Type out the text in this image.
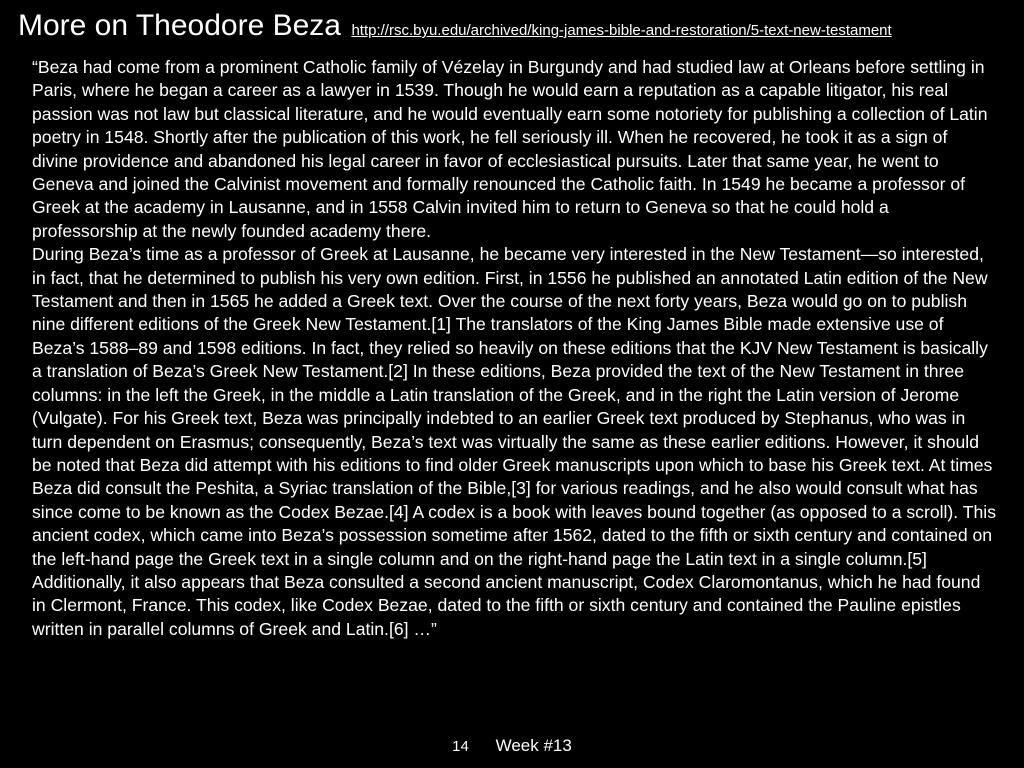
More on Theodore Beza http://rsc.byu.edu/archived/king-james-bible-and-restoration/5-text-new-testament

“Beza had come from a prominent Catholic family of Vézelay in Burgundy and had studied law at Orleans before settling in Paris, where he began a career as a lawyer in 1539. Though he would earn a reputation as a capable litigator, his real passion was not law but classical literature, and he would eventually earn some notoriety for publishing a collection of Latin poetry in 1548. Shortly after the publication of this work, he fell seriously ill. When he recovered, he took it as a sign of divine providence and abandoned his legal career in favor of ecclesiastical pursuits. Later that same year, he went to Geneva and joined the Calvinist movement and formally renounced the Catholic faith. In 1549 he became a professor of Greek at the academy in Lausanne, and in 1558 Calvin invited him to return to Geneva so that he could hold a professorship at the newly founded academy there.

During Beza’s time as a professor of Greek at Lausanne, he became very interested in the New Testament—so interested, in fact, that he determined to publish his very own edition. First, in 1556 he published an annotated Latin edition of the New Testament and then in 1565 he added a Greek text. Over the course of the next forty years, Beza would go on to publish nine different editions of the Greek New Testament.[1] The translators of the King James Bible made extensive use of Beza’s 1588–89 and 1598 editions. In fact, they relied so heavily on these editions that the KJV New Testament is basically a translation of Beza’s Greek New Testament.[2] In these editions, Beza provided the text of the New Testament in three columns: in the left the Greek, in the middle a Latin translation of the Greek, and in the right the Latin version of Jerome (Vulgate). For his Greek text, Beza was principally indebted to an earlier Greek text produced by Stephanus, who was in turn dependent on Erasmus; consequently, Beza’s text was virtually the same as these earlier editions. However, it should be noted that Beza did attempt with his editions to find older Greek manuscripts upon which to base his Greek text. At times Beza did consult the Peshita, a Syriac translation of the Bible,[3] for various readings, and he also would consult what has since come to be known as the Codex Bezae.[4] A codex is a book with leaves bound together (as opposed to a scroll). This ancient codex, which came into Beza’s possession sometime after 1562, dated to the fifth or sixth century and contained on the left-hand page the Greek text in a single column and on the right-hand page the Latin text in a single column.[5] Additionally, it also appears that Beza consulted a second ancient manuscript, Codex Claromontanus, which he had found in Clermont, France. This codex, like Codex Bezae, dated to the fifth or sixth century and contained the Pauline epistles written in parallel columns of Greek and Latin.[6] …”

14 Week #13
